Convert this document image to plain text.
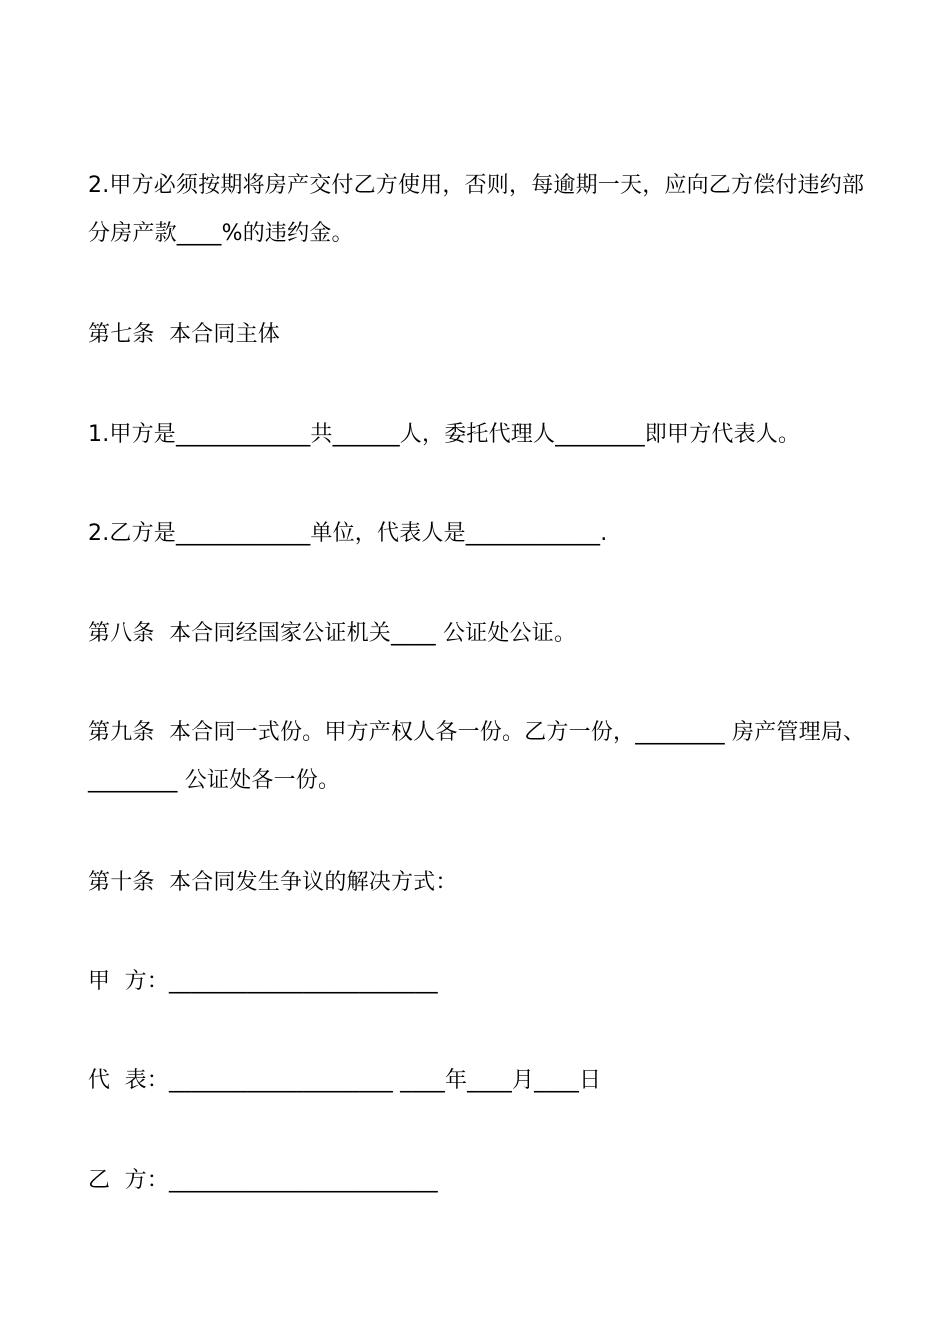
2.甲方必须按期将房产交付乙方使用，否则，每逾期一天，应向乙方偿付违约部分房产款____%的违约金。
第七条  本合同主体
1.甲方是____________共______人，委托代理人________即甲方代表人。
2.乙方是____________单位，代表人是____________.
第八条  本合同经国家公证机关____ 公证处公证。
第九条  本合同一式份。甲方产权人各一份。乙方一份，________ 房产管理局、________ 公证处各一份。
第十条  本合同发生争议的解决方式：
甲  方：________________________
代  表：____________________ ____年____月____日
乙  方：________________________
